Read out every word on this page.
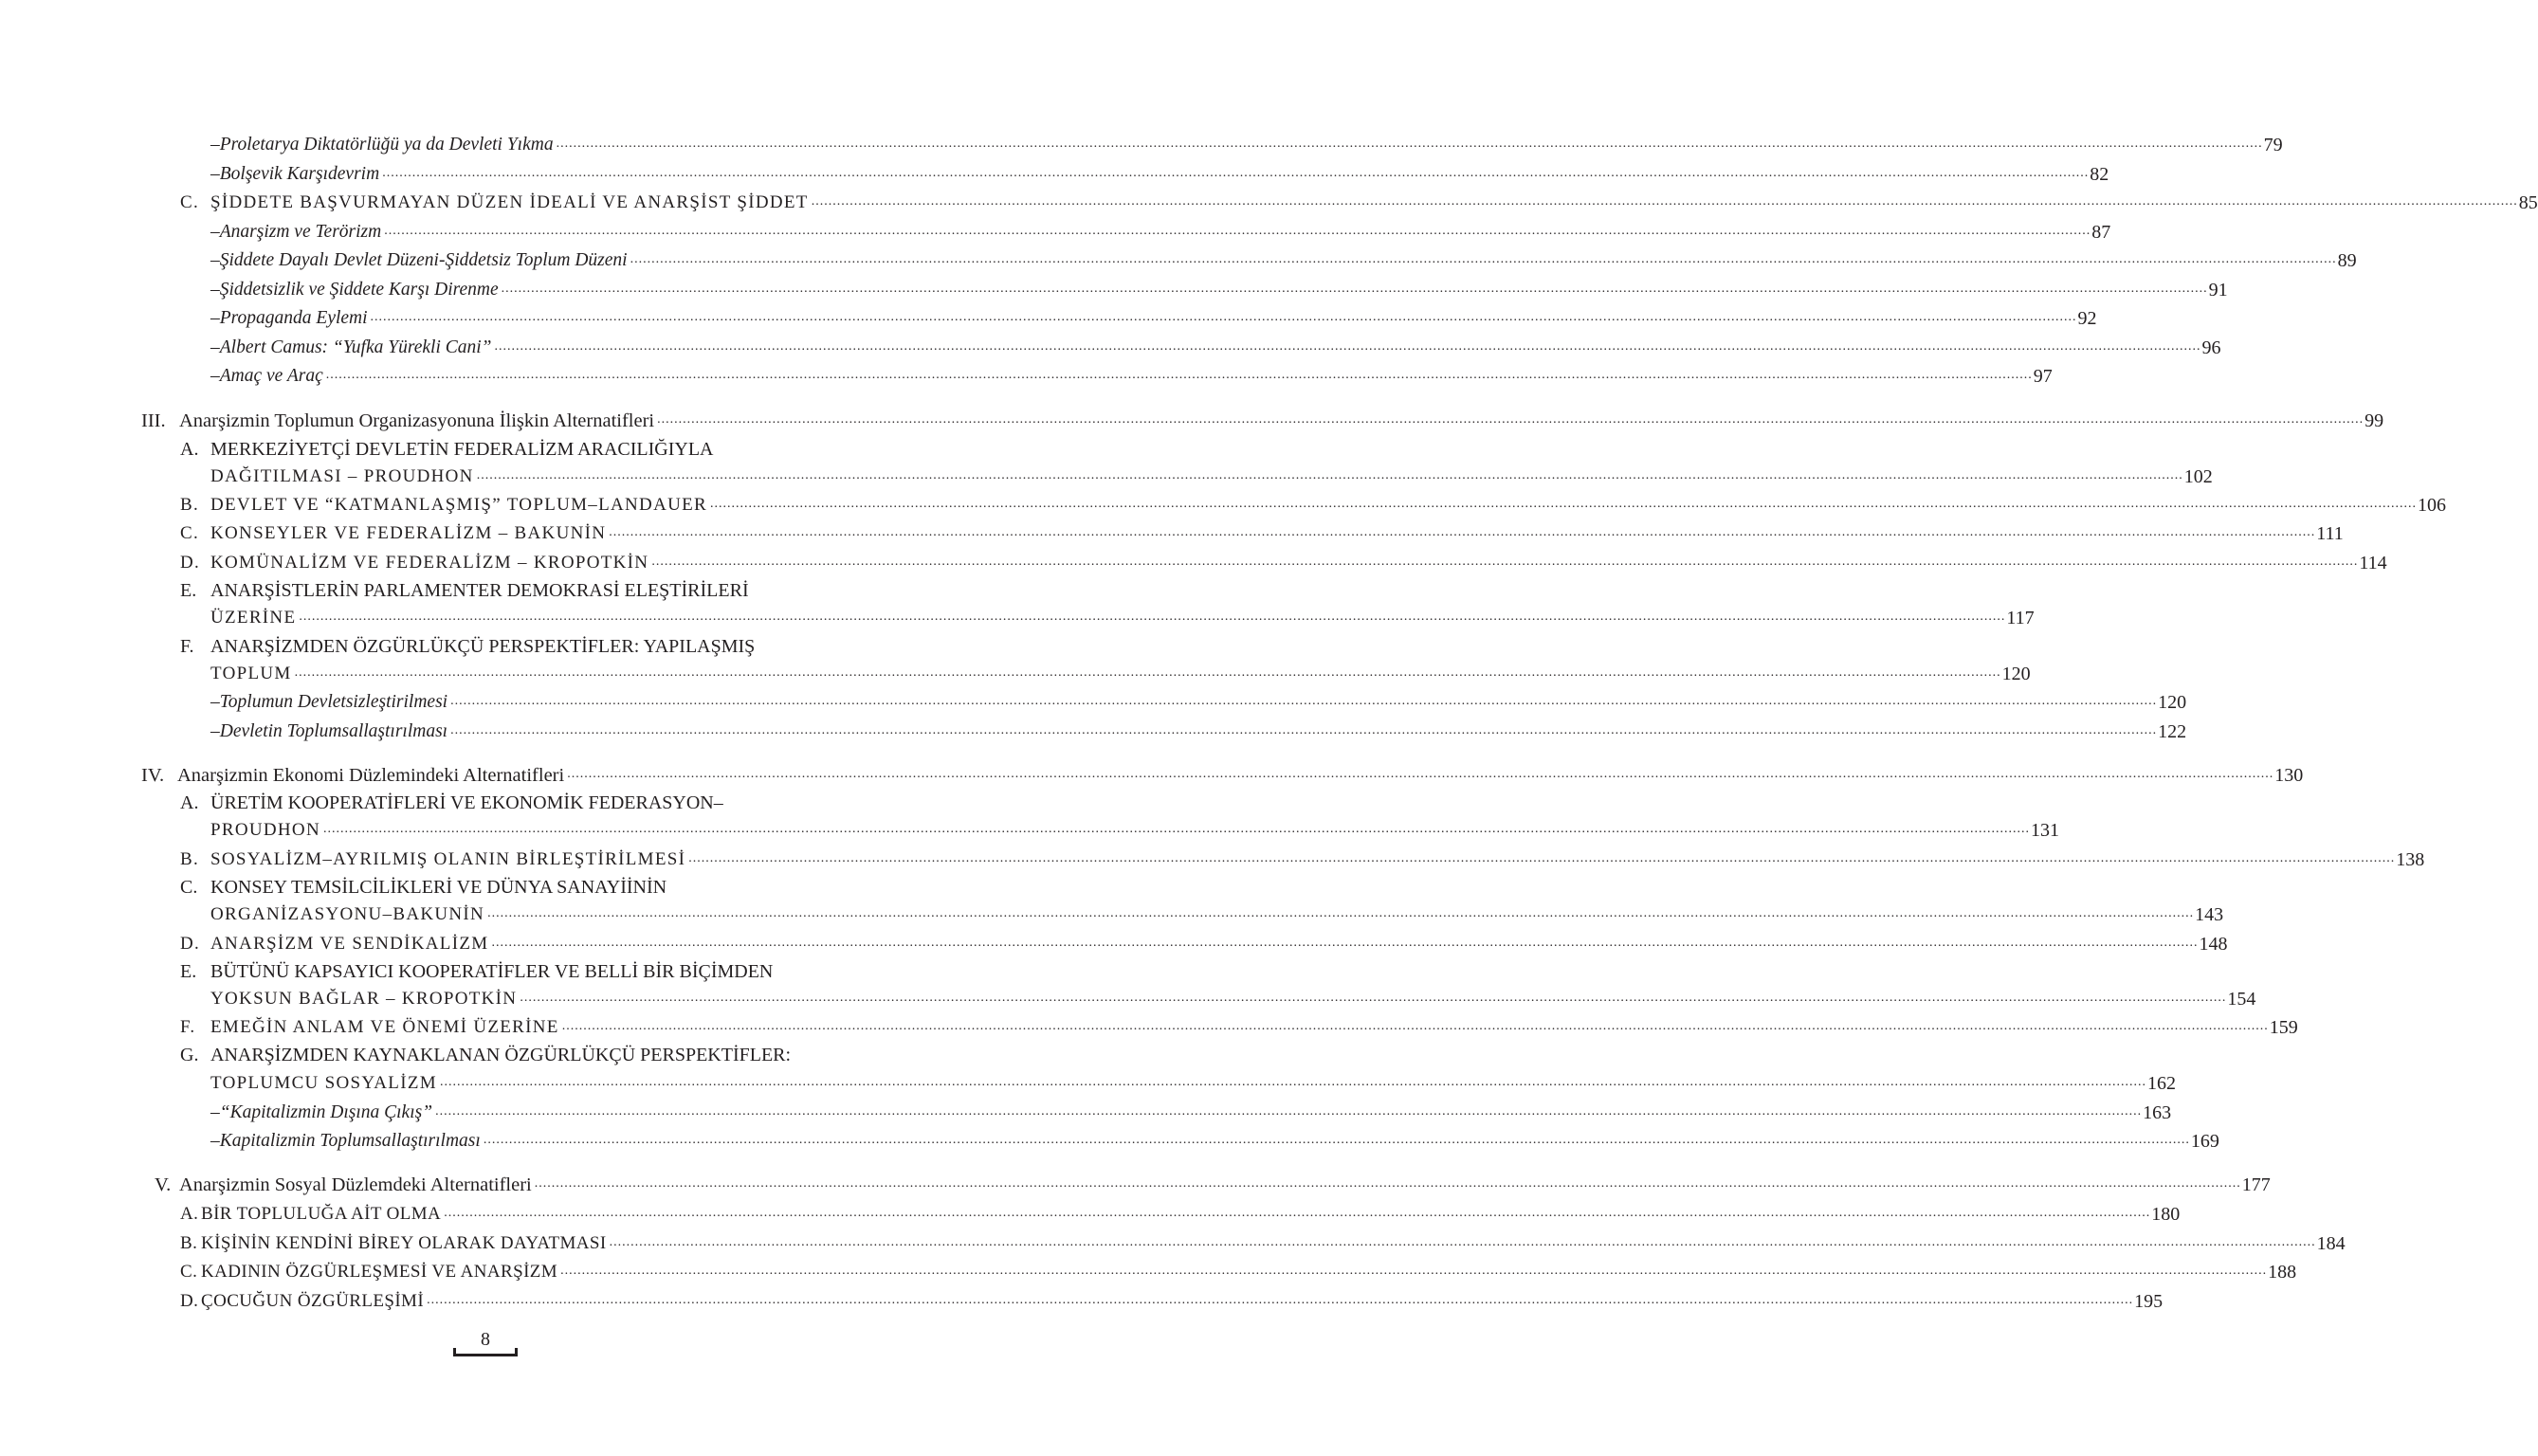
– Proletarya Diktatörlüğü ya da Devleti Yıkma ................................................................................................................................................................................................................................................................................................................................................................................................................ 79
– Bolşevik Karşıdevrim ................................................................................................................................................................................................................................................................................................................................................................................................................ 82
C. ŞİDDETE BAŞVURMAYAN DÜZEN İDEALİ VE ANARŞİST ŞİDDET ................................................................................................................................................................................................................................................................................................................................................................................................................ 85
– Anarşizm ve Terörizm ................................................................................................................................................................................................................................................................................................................................................................................................................ 87
– Şiddete Dayalı Devlet Düzeni-Şiddetsiz Toplum Düzeni ................................................................................................................................................................................................................................................................................................................................................................................................................ 89
– Şiddetsizlik ve Şiddete Karşı Direnme ................................................................................................................................................................................................................................................................................................................................................................................................................ 91
– Propaganda Eylemi ................................................................................................................................................................................................................................................................................................................................................................................................................ 92
– Albert Camus: “Yufka Yürekli Cani” ................................................................................................................................................................................................................................................................................................................................................................................................................ 96
– Amaç ve Araç ................................................................................................................................................................................................................................................................................................................................................................................................................ 97
III. Anarşizmin Toplumun Organizasyonuna İlişkin Alternatifleri ................................................................................................................................................................................................................................................................................................................................................................................................................ 99
A. MERKEZİYETÇİ DEVLETİN FEDERALİZM ARACILIĞIYLA
DAĞITILMASI – PROUDHON ................................................................................................................................................................................................................................................................................................................................................................................................................ 102
B. DEVLET VE “KATMANLAŞMIŞ” TOPLUM–LANDAUER ................................................................................................................................................................................................................................................................................................................................................................................................................ 106
C. KONSEYLER VE FEDERALİZM – BAKUNİN ................................................................................................................................................................................................................................................................................................................................................................................................................ 111
D. KOMÜNALİZM VE FEDERALİZM – KROPOTKİN ................................................................................................................................................................................................................................................................................................................................................................................................................ 114
E. ANARŞİSTLERİN PARLAMENTER DEMOKRASİ ELEŞTİRİLERİ
ÜZERİNE ................................................................................................................................................................................................................................................................................................................................................................................................................ 117
F. ANARŞİZMDEN ÖZGÜRLÜKÇÜ PERSPEKTİFLER: YAPILAŞMIŞ
TOPLUM ................................................................................................................................................................................................................................................................................................................................................................................................................ 120
– Toplumun Devletsizleştirilmesi ................................................................................................................................................................................................................................................................................................................................................................................................................ 120
– Devletin Toplumsallaştırılması ................................................................................................................................................................................................................................................................................................................................................................................................................ 122
IV. Anarşizmin Ekonomi Düzlemindeki Alternatifleri ................................................................................................................................................................................................................................................................................................................................................................................................................ 130
A. ÜRETİM KOOPERATİFLERİ VE EKONOMİK FEDERASYON–
PROUDHON ................................................................................................................................................................................................................................................................................................................................................................................................................ 131
B. SOSYALİZM–AYRILMIŞ OLANIN BİRLEŞTİRİLMESİ ................................................................................................................................................................................................................................................................................................................................................................................................................ 138
C. KONSEY TEMSİLCİLİKLERİ VE DÜNYA SANAYİİNİN
ORGANİZASYONU–BAKUNİN ................................................................................................................................................................................................................................................................................................................................................................................................................ 143
D. ANARŞİZM VE SENDİKALİZM ................................................................................................................................................................................................................................................................................................................................................................................................................ 148
E. BÜTÜNÜ KAPSAYICI KOOPERATİFLER VE BELLİ BİR BİÇİMDEN
YOKSUN BAĞLAR – KROPOTKİN ................................................................................................................................................................................................................................................................................................................................................................................................................ 154
F. EMEĞİN ANLAM VE ÖNEMİ ÜZERİNE ................................................................................................................................................................................................................................................................................................................................................................................................................ 159
G. ANARŞİZMDEN KAYNAKLANAN ÖZGÜRLÜKÇÜ PERSPEKTİFLER:
TOPLUMCU SOSYALİZM ................................................................................................................................................................................................................................................................................................................................................................................................................ 162
– “Kapitalizmin Dışına Çıkış” ................................................................................................................................................................................................................................................................................................................................................................................................................ 163
– Kapitalizmin Toplumsallaştırılması ................................................................................................................................................................................................................................................................................................................................................................................................................ 169
V. Anarşizmin Sosyal Düzlemdeki Alternatifleri ................................................................................................................................................................................................................................................................................................................................................................................................................ 177
A. BİR TOPLULUĞA AİT OLMA ................................................................................................................................................................................................................................................................................................................................................................................................................ 180
B. KİŞİNİN KENDİNİ BİREY OLARAK DAYATMASI ................................................................................................................................................................................................................................................................................................................................................................................................................ 184
C. KADININ ÖZGÜRLEŞMESİ VE ANARŞİZM ................................................................................................................................................................................................................................................................................................................................................................................................................ 188
D. ÇOCUĞUN ÖZGÜRLEŞİMİ ................................................................................................................................................................................................................................................................................................................................................................................................................ 195
8
